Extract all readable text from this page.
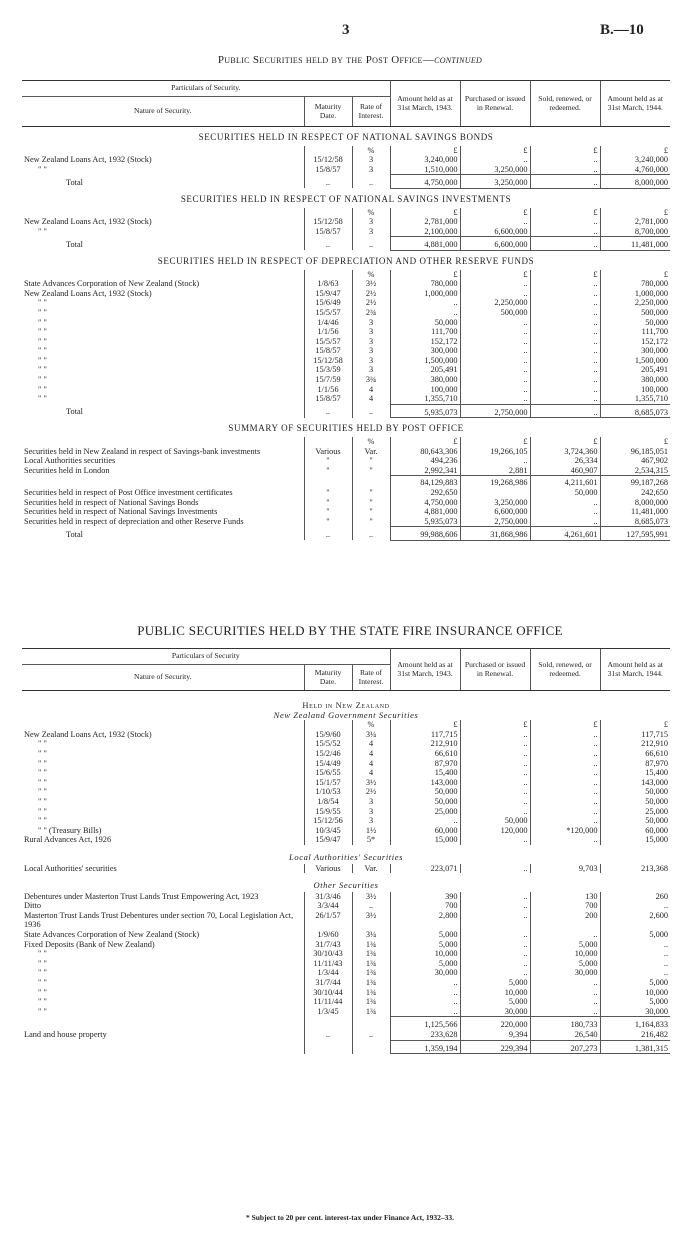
3	B.—10
Public Securities held by the Post Office—continued
Particulars of Security.			Amount held as at 31st March, 1943.	Purchased or issued in Renewal.	Sold, renewed, or redeemed.	Amount held as at 31st March, 1944.
Nature of Security.	Maturity Date.	Rate of Interest.				
SECURITIES HELD IN RESPECT OF NATIONAL SAVINGS BONDS						
		%	£	£	£	£
New Zealand Loans Act, 1932 (Stock)	15/12/58	3	3,240,000	..	..	3,240,000
" "	15/8/57	3	1,510,000	3,250,000	..	4,760,000
Total	..	..	4,750,000	3,250,000	..	8,000,000
SECURITIES HELD IN RESPECT OF NATIONAL SAVINGS INVESTMENTS						
		%	£	£	£	£
New Zealand Loans Act, 1932 (Stock)	15/12/58	3	2,781,000	..	..	2,781,000
" "	15/8/57	3	2,100,000	6,600,000	..	8,700,000
Total	..	..	4,881,000	6,600,000	..	11,481,000
SECURITIES HELD IN RESPECT OF DEPRECIATION AND OTHER RESERVE FUNDS						
		%	£	£	£	£
State Advances Corporation of New Zealand (Stock)	1/8/63	3½	780,000	..	..	780,000
New Zealand Loans Act, 1932 (Stock)	15/9/47	2½	1,000,000	..	..	1,000,000
" "	15/6/49	2½	..	2,250,000	..	2,250,000
" "	15/5/57	2¾	..	500,000	..	500,000
" "	1/4/46	3	50,000	..	..	50,000
" "	1/1/56	3	111,700	..	..	111,700
" "	15/5/57	3	152,172	..	..	152,172
" "	15/8/57	3	300,000	..	..	300,000
" "	15/12/58	3	1,500,000	..	..	1,500,000
" "	15/3/59	3	205,491	..	..	205,491
" "	15/7/59	3¾	380,000	..	..	380,000
" "	1/1/56	4	100,000	..	..	100,000
" "	15/8/57	4	1,355,710	..	..	1,355,710
Total	..	..	5,935,073	2,750,000	..	8,685,073
SUMMARY OF SECURITIES HELD BY POST OFFICE						
		%	£	£	£	£
Securities held in New Zealand in respect of Savings-bank investments	Various	Var.	80,643,306	19,266,105	3,724,360	96,185,051
Local Authorities securities	"	"	494,236	..	26,334	467,902
Securities held in London	"	"	2,992,341	2,881	460,907	2,534,315
			84,129,883	19,268,986	4,211,601	99,187,268
Securities held in respect of Post Office investment certificates	"	"	292,650		50,000	242,650
Securities held in respect of National Savings Bonds	"	"	4,750,000	3,250,000	..	8,000,000
Securities held in respect of National Savings Investments	"	"	4,881,000	6,600,000	..	11,481,000
Securities held in respect of depreciation and other Reserve Funds	"	"	5,935,073	2,750,000	..	8,685,073
Total	..	..	99,988,606	31,868,986	4,261,601	127,595,991
PUBLIC SECURITIES HELD BY THE STATE FIRE INSURANCE OFFICE
Particulars of Security			Amount held as at 31st March, 1943.	Purchased or issued in Renewal.	Sold, renewed, or redeemed.	Amount held as at 31st March, 1944.
Nature of Security.	Maturity Date.	Rate of Interest.				
Held in New Zealand						
New Zealand Government Securities						
		%	£	£	£	£
New Zealand Loans Act, 1932 (Stock)	15/9/60	3¼	117,715	..	..	117,715
" "	15/5/52	4	212,910	..	..	212,910
" "	15/2/46	4	66,610	..	..	66,610
" "	15/4/49	4	87,970	..	..	87,970
" "	15/6/55	4	15,400	..	..	15,400
" "	15/1/57	3½	143,000	..	..	143,000
" "	1/10/53	2½	50,000	..	..	50,000
" "	1/8/54	3	50,000	..	..	50,000
" "	15/9/55	3	25,000	..	..	25,000
" "	15/12/56	3	..	50,000	..	50,000
" " (Treasury Bills)	10/3/45	1½	60,000	120,000	*120,000	60,000
Rural Advances Act, 1926	15/9/47	5*	15,000	..	..	15,000
Local Authorities' Securities						
Local Authorities' securities	Various	Var.	223,071	..	9,703	213,368
Other Securities						
Debentures under Masterton Trust Lands Trust Empowering Act, 1923	31/3/46	3½	390	..	130	260
Ditto	3/3/44	..	700	..	700	..
Masterton Trust Lands Trust Debentures under section 70, Local Legislation Act, 1936	26/1/57	3½	2,800	..	200	2,600
State Advances Corporation of New Zealand (Stock)	1/9/60	3¼	5,000	..	..	5,000
Fixed Deposits (Bank of New Zealand)	31/7/43	1¾	5,000	..	5,000	..
" "	30/10/43	1¾	10,000	..	10,000	..
" "	11/11/43	1¾	5,000	..	5,000	..
" "	1/3/44	1¾	30,000	..	30,000	..
" "	31/7/44	1¾	..	5,000	..	5,000
" "	30/10/44	1¾	..	10,000	..	10,000
" "	11/11/44	1¾	..	5,000	..	5,000
" "	1/3/45	1¾	..	30,000	..	30,000
			1,125,566	220,000	180,733	1,164,833
Land and house property	..	..	233,628	9,394	26,540	216,482
			1,359,194	229,394	207,273	1,381,315
* Subject to 20 per cent. interest-tax under Finance Act, 1932–33.
